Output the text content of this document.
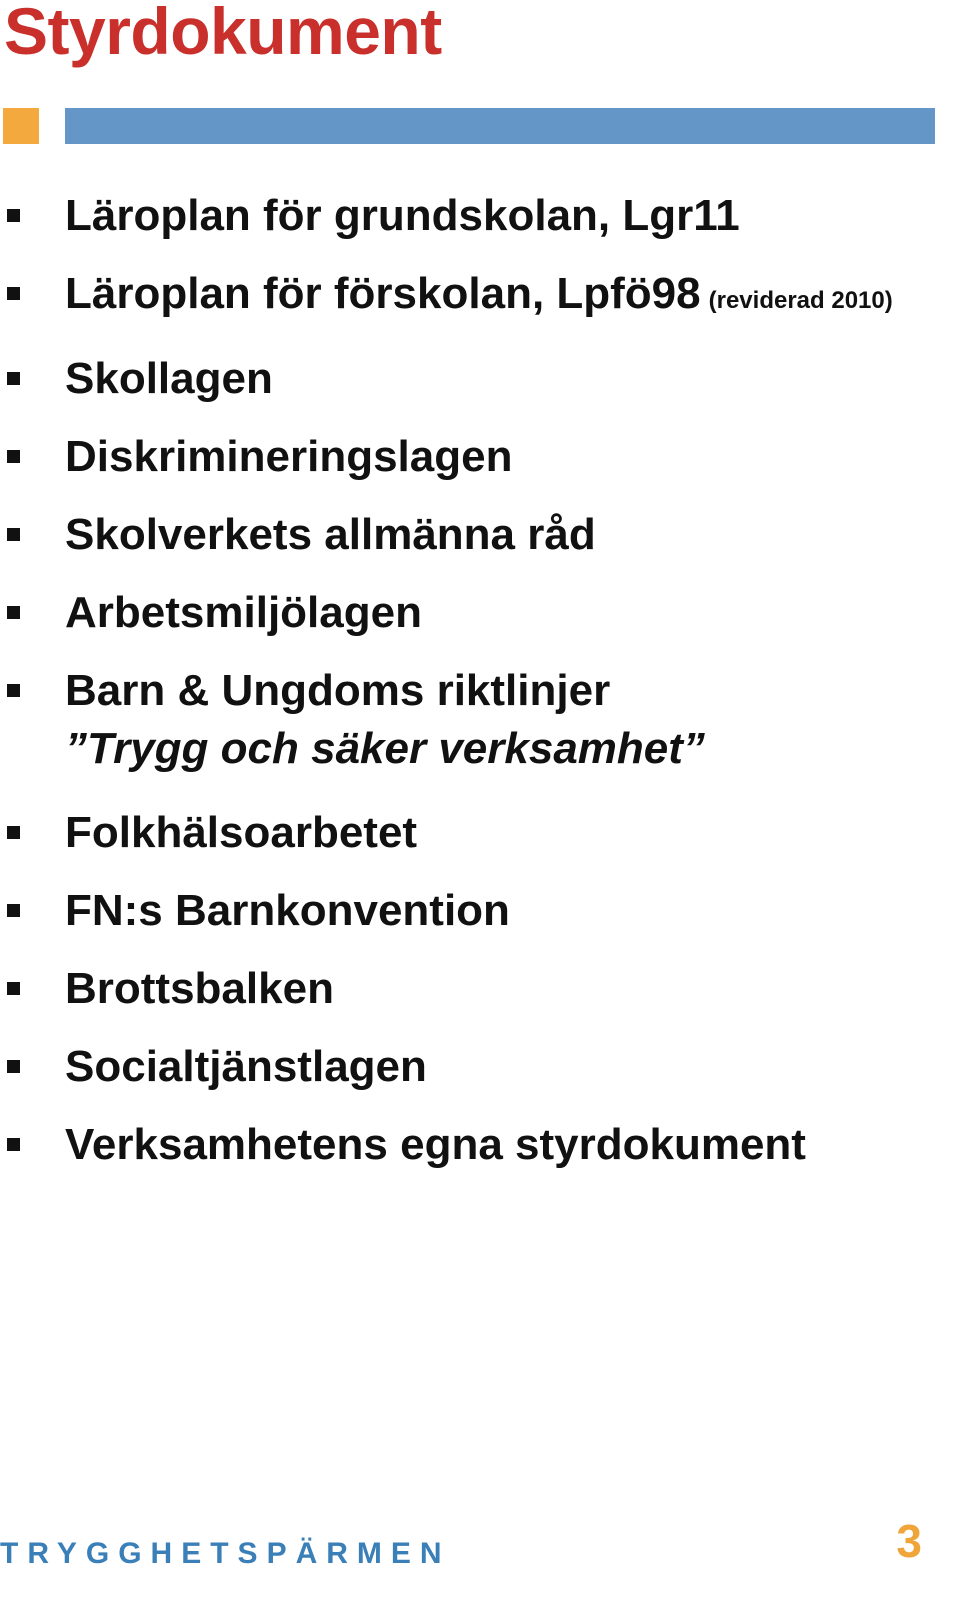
Styrdokument
Läroplan för grundskolan, Lgr11
Läroplan för förskolan, Lpfö98 (reviderad 2010)
Skollagen
Diskrimineringslagen
Skolverkets allmänna råd
Arbetsmiljölagen
Barn & Ungdoms riktlinjer
”Trygg och säker verksamhet”
Folkhälsoarbetet
FN:s Barnkonvention
Brottsbalken
Socialtjänstlagen
Verksamhetens egna styrdokument
TRYGGHETSPÄRMEN	3
